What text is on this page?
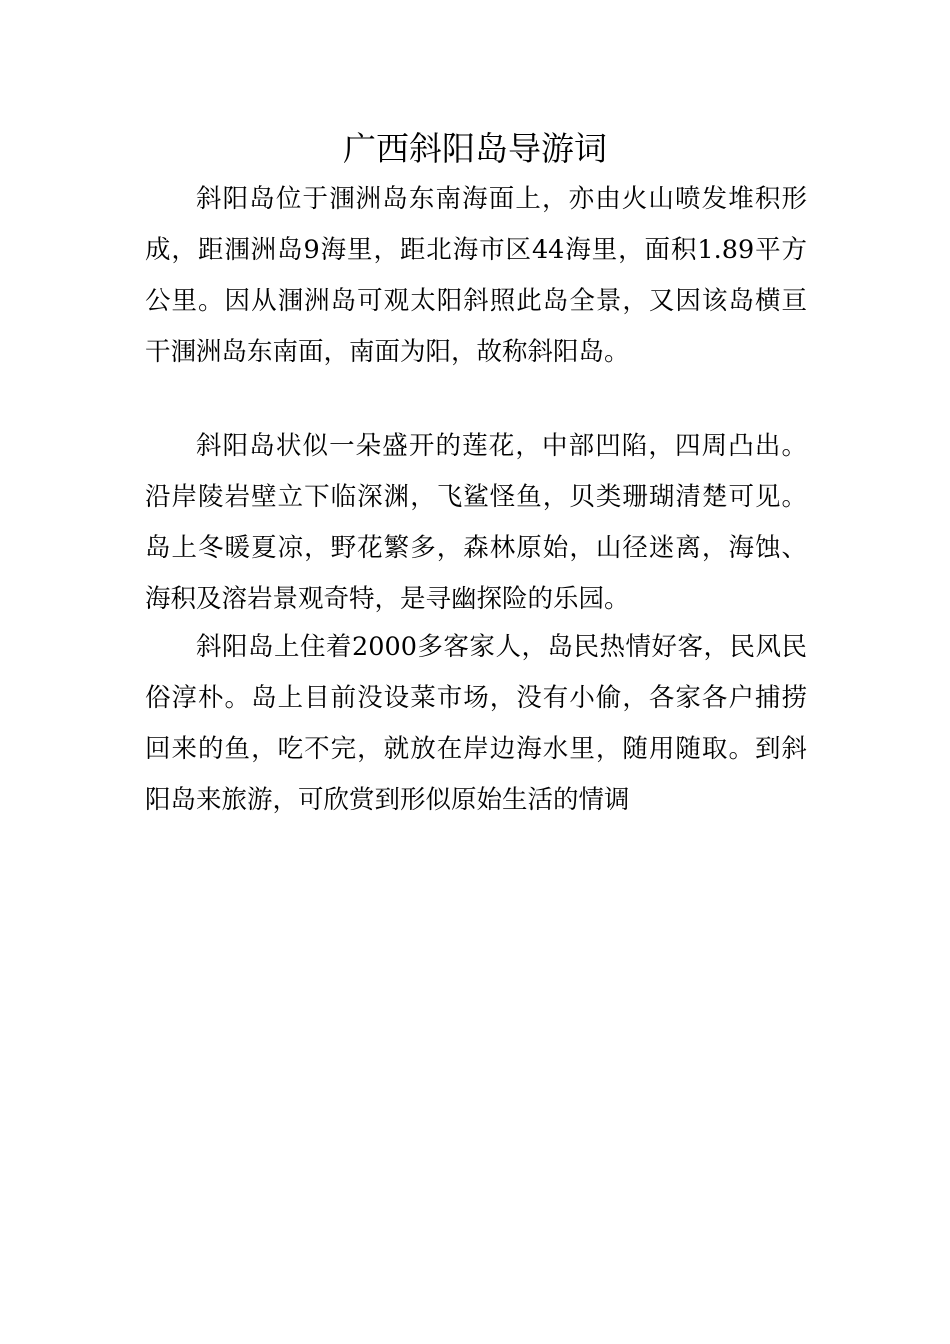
广西斜阳岛导游词

斜阳岛位于涠洲岛东南海面上，亦由火山喷发堆积形成，距涠洲岛9海里，距北海市区44海里，面积1.89平方公里。因从涠洲岛可观太阳斜照此岛全景，又因该岛横亘干涠洲岛东南面，南面为阳，故称斜阳岛。

斜阳岛状似一朵盛开的莲花，中部凹陷，四周凸出。沿岸陵岩壁立下临深渊，飞鲨怪鱼，贝类珊瑚清楚可见。岛上冬暖夏凉，野花繁多，森林原始，山径迷离，海蚀、海积及溶岩景观奇特，是寻幽探险的乐园。

斜阳岛上住着2000多客家人，岛民热情好客，民风民俗淳朴。岛上目前没设菜市场，没有小偷，各家各户捕捞回来的鱼，吃不完，就放在岸边海水里，随用随取。到斜阳岛来旅游，可欣赏到形似原始生活的情调
